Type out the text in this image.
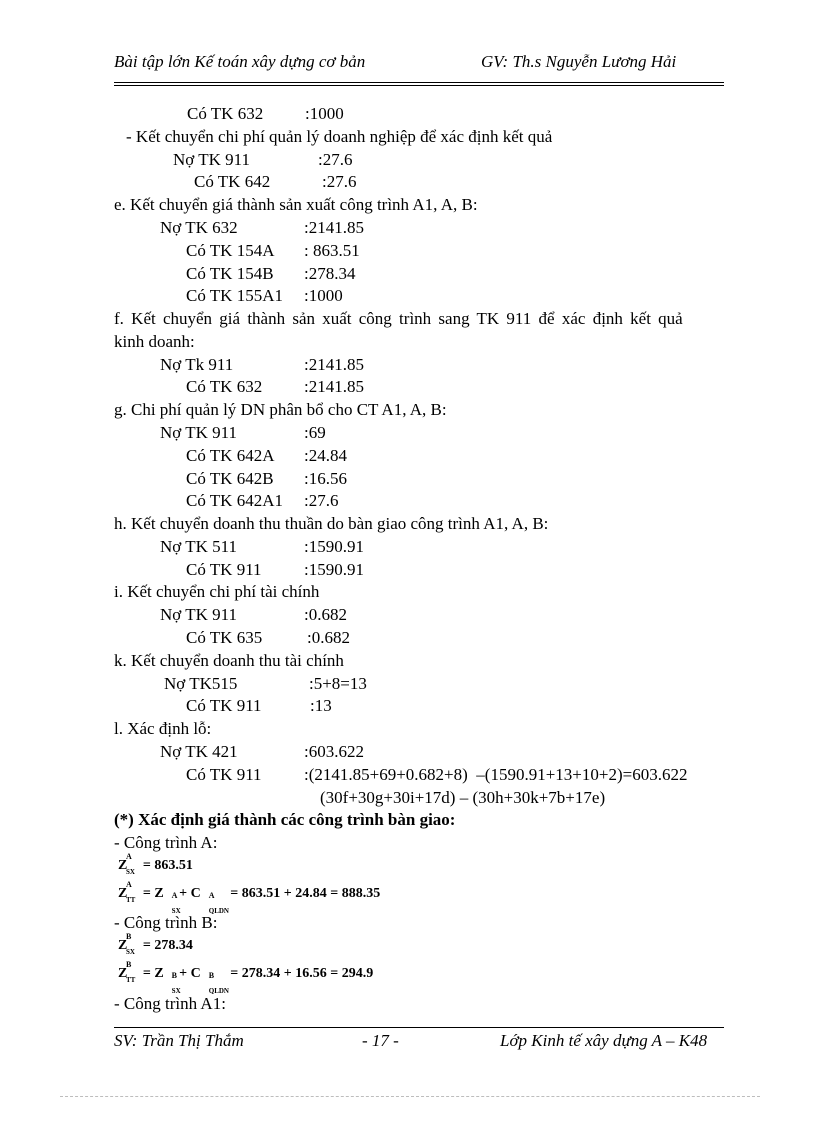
Bài tập lớn Kế toán xây dựng cơ bản	GV: Th.s Nguyễn Lương Hải
Có TK 632 :1000
- Kết chuyển chi phí quản lý doanh nghiệp để xác định kết quả
Nợ TK 911	:27.6
Có TK 642	:27.6
e. Kết chuyển giá thành sản xuất công trình A1, A, B:
Nợ TK 632	:2141.85
Có TK 154A : 863.51
Có TK 154B :278.34
Có TK 155A1 :1000
f. Kết chuyển giá thành sản xuất công trình sang TK 911 để xác định kết quả
kinh doanh:
Nợ Tk 911	:2141.85
Có TK 632 :2141.85
g. Chi phí quản lý DN phân bổ cho CT A1, A, B:
Nợ TK 911	:69
Có TK 642A :24.84
Có TK 642B :16.56
Có TK 642A1 :27.6
h. Kết chuyển doanh thu thuần do bàn giao công trình A1, A, B:
Nợ TK 511	:1590.91
Có TK 911 :1590.91
i. Kết chuyển chi phí tài chính
Nợ TK 911	:0.682
Có TK 635	:0.682
k. Kết chuyển doanh thu tài chính
Nợ TK515	:5+8=13
Có TK 911	:13
l. Xác định lỗ:
Nợ TK 421	:603.622
Có TK 911 :(2141.85+69+0.682+8)  –(1590.91+13+10+2)=603.622
(30f+30g+30i+17d) – (30h+30k+7b+17e)
(*) Xác định giá thành các công trình bàn giao:
- Công trình A:
Z
A
SX = 863.51
Z
A
TT = Z A
SX
+ C A
QLDN
= 863.51 + 24.84 = 888.35
- Công trình B:
Z
B
SX = 278.34
Z
B
TT = Z B
SX
+ C B
QLDN
= 278.34 + 16.56 = 294.9
- Công trình A1:
SV: Trần Thị Thắm	- 17 -	Lớp Kinh tế xây dựng A – K48
